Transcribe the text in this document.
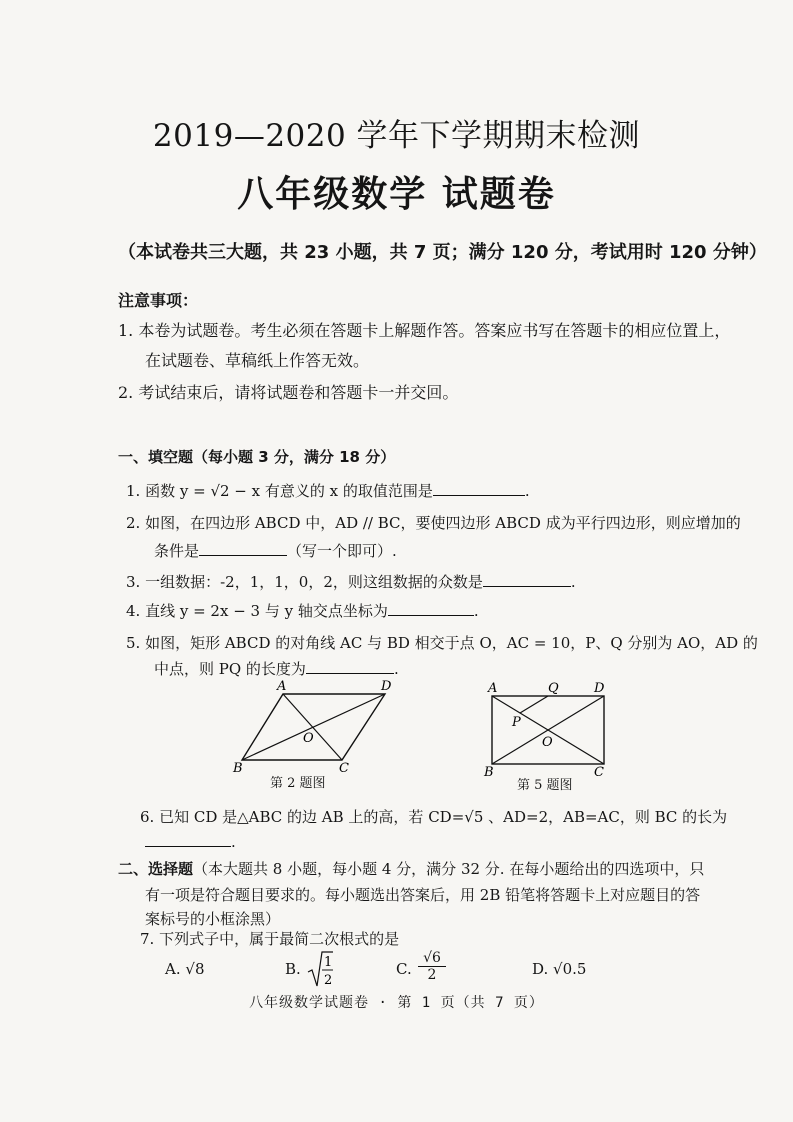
2019—2020 学年下学期期末检测
八年级数学 试题卷
（本试卷共三大题，共 23 小题，共 7 页；满分 120 分，考试用时 120 分钟）
注意事项：
1. 本卷为试题卷。考生必须在答题卡上解题作答。答案应书写在答题卡的相应位置上，
在试题卷、草稿纸上作答无效。
2. 考试结束后，请将试题卷和答题卡一并交回。
一、填空题（每小题 3 分，满分 18 分）
1. 函数 y = √2 − x 有意义的 x 的取值范围是	.
2. 如图，在四边形 ABCD 中，AD // BC，要使四边形 ABCD 成为平行四边形，则应增加的
条件是	（写一个即可）.
3. 一组数据：-2，1，1，0，2，则这组数据的众数是	.
4. 直线 y = 2x − 3 与 y 轴交点坐标为	.
5. 如图，矩形 ABCD 的对角线 AC 与 BD 相交于点 O，AC = 10，P、Q 分别为 AO，AD 的
中点，则 PQ 的长度为	.
A	D
B	C
O
第 2 题图
A	Q	D
P
O
B	C
第 5 题图
6. 已知 CD 是△ABC 的边 AB 上的高，若 CD=√5 、AD=2，AB=AC，则 BC 的长为
.
二、选择题（本大题共 8 小题，每小题 4 分，满分 32 分. 在每小题给出的四选项中，只
有一项是符合题目要求的。每小题选出答案后，用 2B 铅笔将答题卡上对应题目的答
案标号的小框涂黑）
7. 下列式子中，属于最简二次根式的是
A. √8	B. 1
2
C. $\frac{√6}{2}$	D. √0.5
八年级数学试题卷 · 第 1 页（共 7 页）
